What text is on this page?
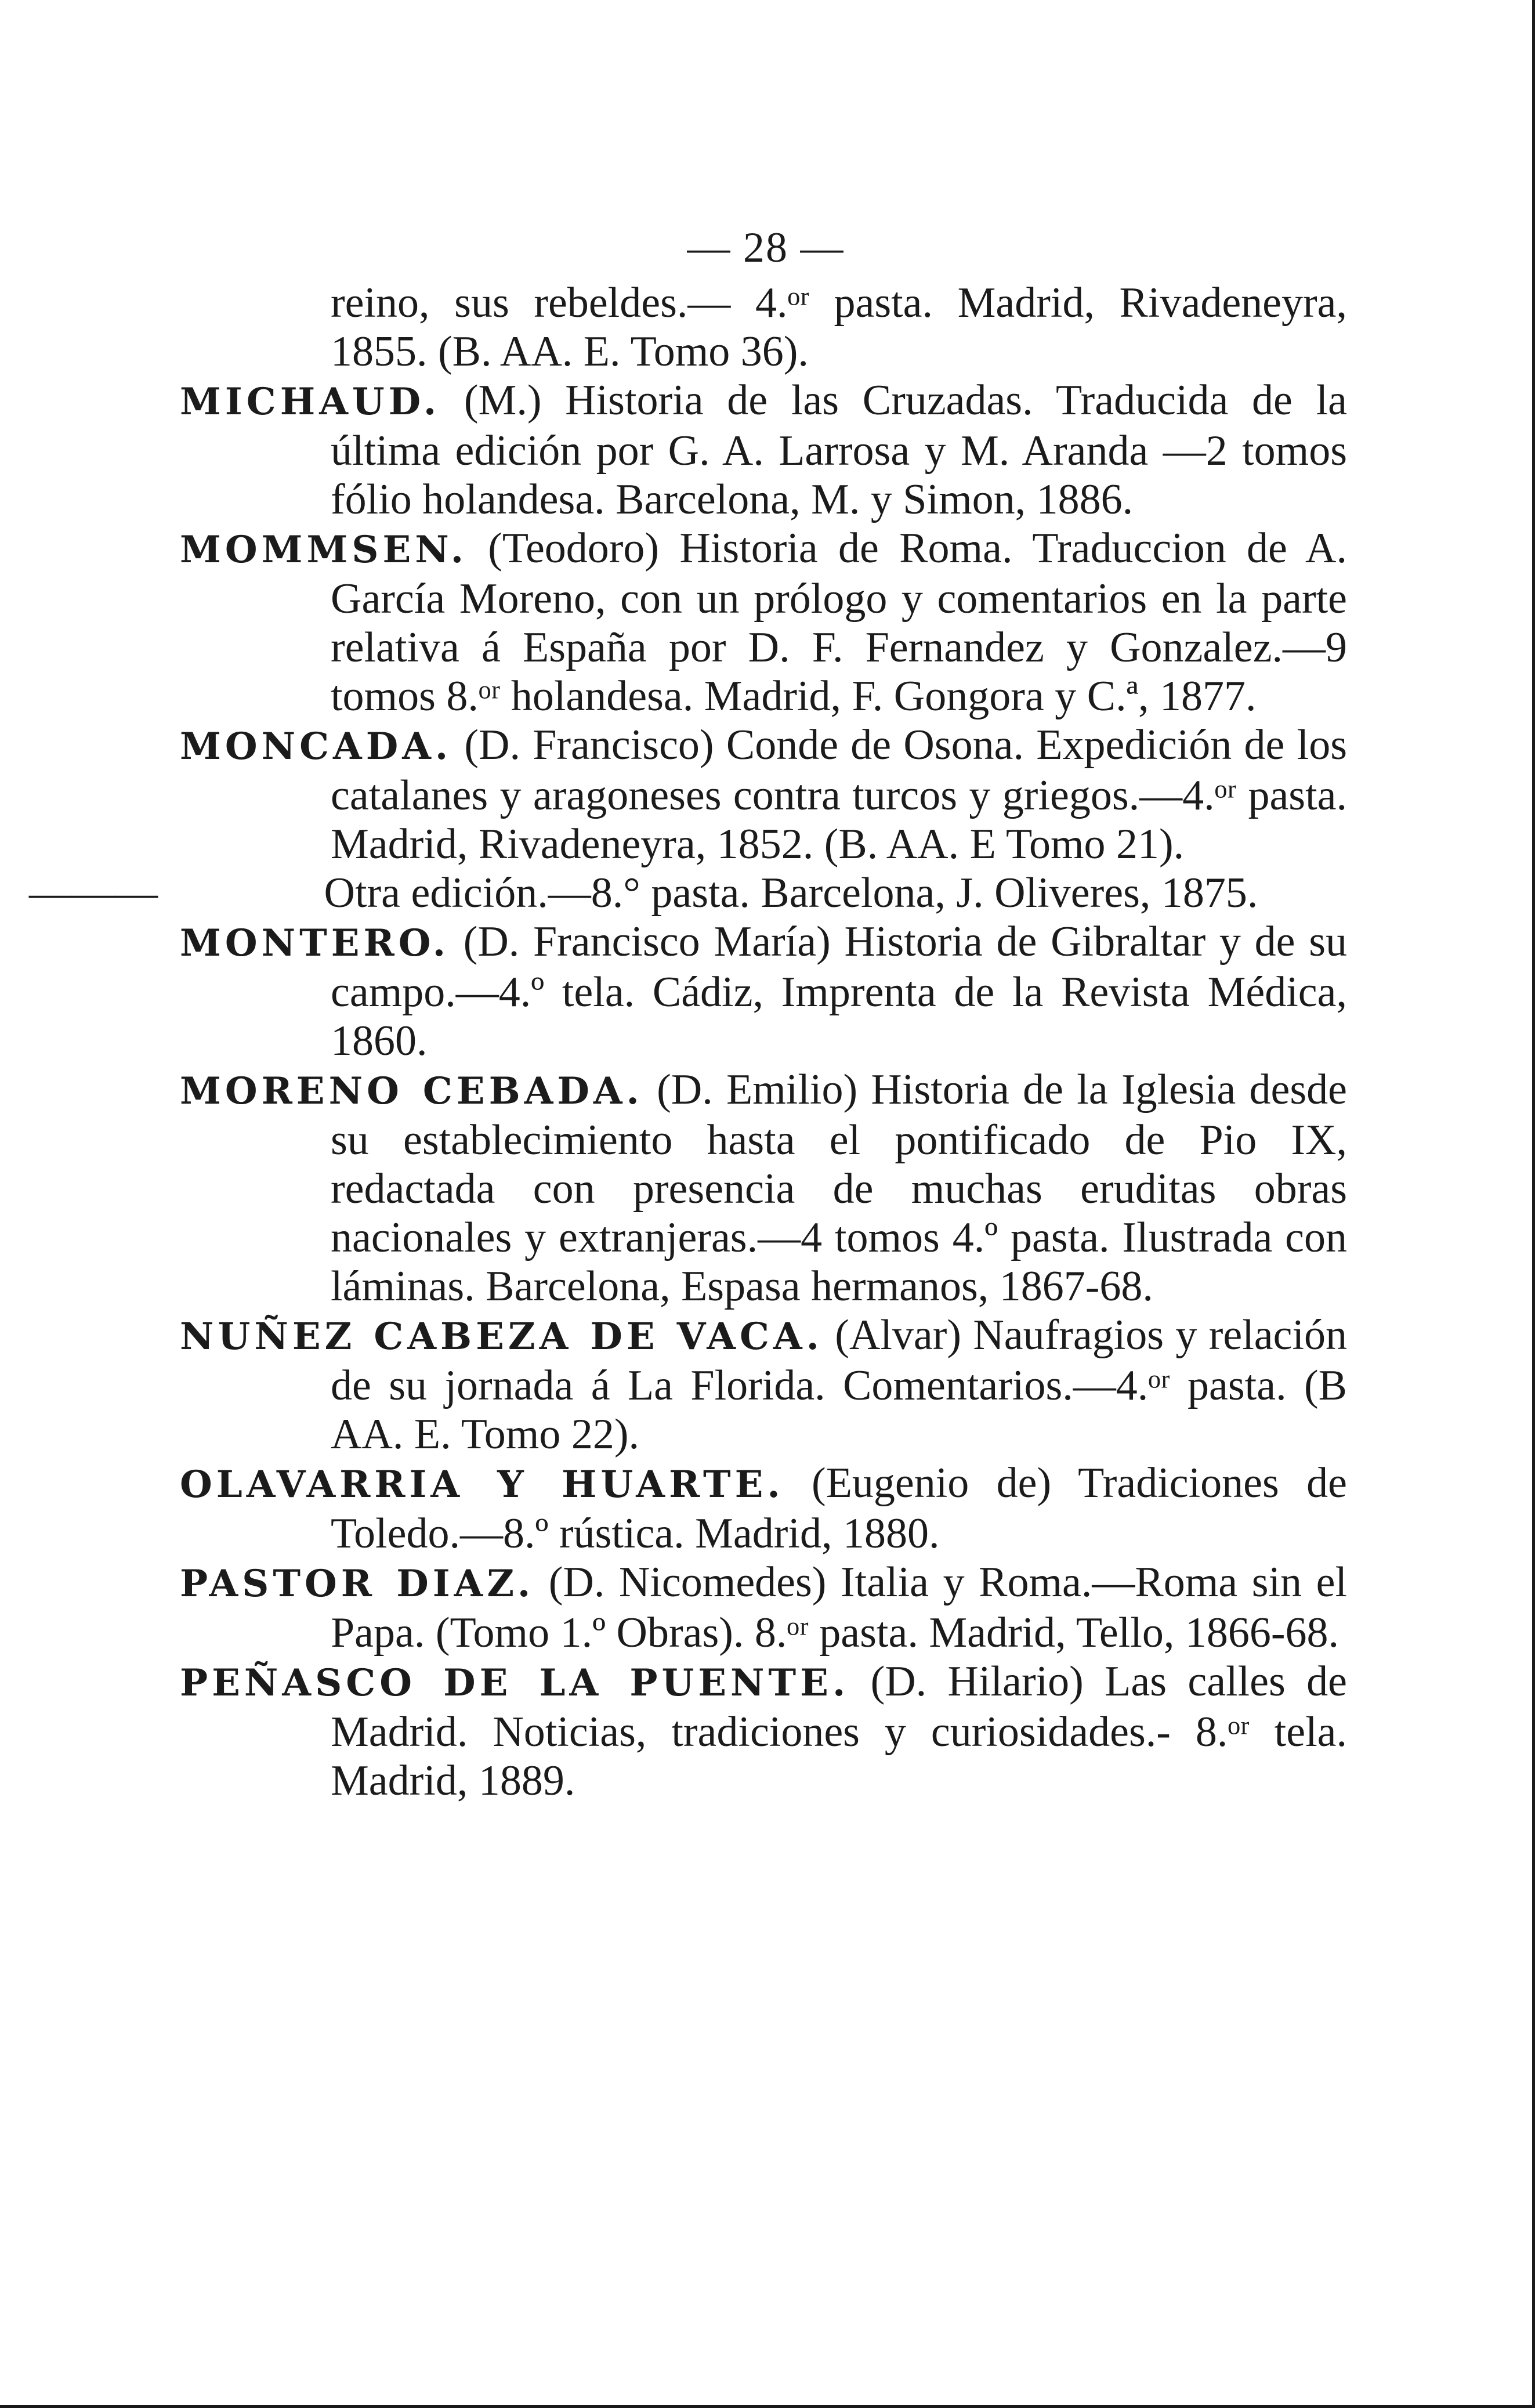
— 28 —

reino, sus rebeldes.— 4.ᵒʳ pasta. Madrid, Rivadeneyra, 1855. (B. AA. E. Tomo 36).

MICHAUD. (M.) Historia de las Cruzadas. Traducida de la última edición por G. A. Larrosa y M. Aranda —2 tomos fólio holandesa. Barcelona, M. y Simon, 1886.

MOMMSEN. (Teodoro) Historia de Roma. Traduccion de A. García Moreno, con un prólogo y comentarios en la parte relativa á España por D. F. Fernandez y Gonzalez.—9 tomos 8.ᵒʳ holandesa. Madrid, F. Gongora y C.ª, 1877.

MONCADA. (D. Francisco) Conde de Osona. Expedición de los catalanes y aragoneses contra turcos y griegos.—4.ᵒʳ pasta. Madrid, Rivadeneyra, 1852. (B. AA. E Tomo 21).

———	Otra edición.—8.° pasta. Barcelona, J. Oliveres, 1875.

MONTERO. (D. Francisco María) Historia de Gibraltar y de su campo.—4.º tela. Cádiz, Imprenta de la Revista Médica, 1860.

MORENO CEBADA. (D. Emilio) Historia de la Iglesia desde su establecimiento hasta el pontificado de Pio IX, redactada con presencia de muchas eruditas obras nacionales y extranjeras.—4 tomos 4.º pasta. Ilustrada con láminas. Barcelona, Espasa hermanos, 1867-68.

NUÑEZ CABEZA DE VACA. (Alvar) Naufragios y relación de su jornada á La Florida. Comentarios.—4.ᵒʳ pasta. (B AA. E. Tomo 22).

OLAVARRIA Y HUARTE. (Eugenio de) Tradiciones de Toledo.—8.º rústica. Madrid, 1880.

PASTOR DIAZ. (D. Nicomedes) Italia y Roma.—Roma sin el Papa. (Tomo 1.º Obras). 8.ᵒʳ pasta. Madrid, Tello, 1866-68.

PEÑASCO DE LA PUENTE. (D. Hilario) Las calles de Madrid. Noticias, tradiciones y curiosidades.- 8.ᵒʳ tela. Madrid, 1889.
